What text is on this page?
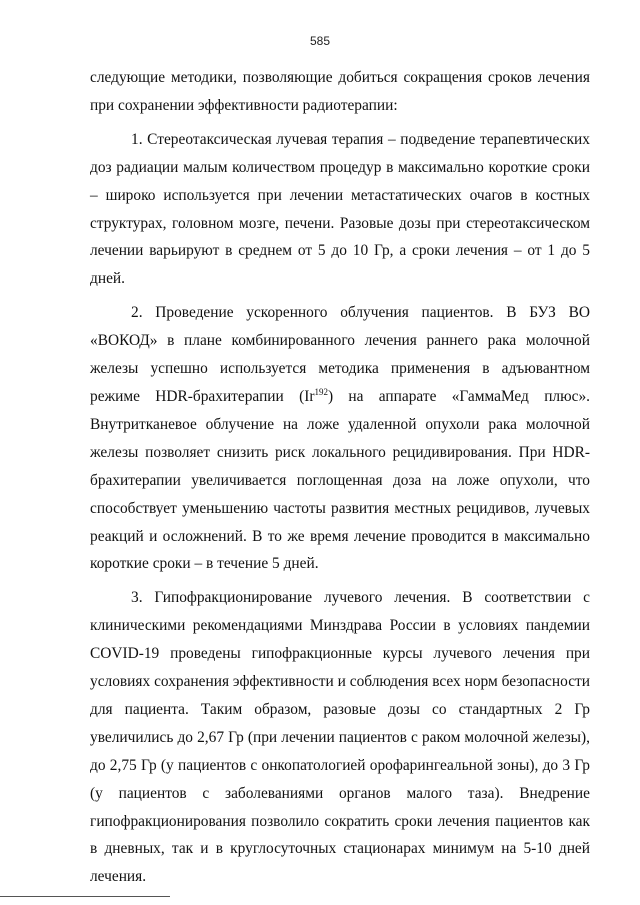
585

следующие методики, позволяющие добиться сокращения сроков лечения при сохранении эффективности радиотерапии:

1. Стереотаксическая лучевая терапия – подведение терапевтических доз радиации малым количеством процедур в максимально короткие сроки – широко используется при лечении метастатических очагов в костных структурах, головном мозге, печени. Разовые дозы при стереотаксическом лечении варьируют в среднем от 5 до 10 Гр, а сроки лечения – от 1 до 5 дней.

2. Проведение ускоренного облучения пациентов. В БУЗ ВО «ВОКОД» в плане комбинированного лечения раннего рака молочной железы успешно используется методика применения в адъювантном режиме HDR-брахитерапии (Ir$^{192}$) на аппарате «ГаммаМед плюс». Внутритканевое облучение на ложе удаленной опухоли рака молочной железы позволяет снизить риск локального рецидивирования. При HDR-брахитерапии увеличивается поглощенная доза на ложе опухоли, что способствует уменьшению частоты развития местных рецидивов, лучевых реакций и осложнений. В то же время лечение проводится в максимально короткие сроки – в течение 5 дней.

3. Гипофракционирование лучевого лечения. В соответствии с клиническими рекомендациями Минздрава России в условиях пандемии COVID-19 проведены гипофракционные курсы лучевого лечения при условиях сохранения эффективности и соблюдения всех норм безопасности для пациента. Таким образом, разовые дозы со стандартных 2 Гр увеличились до 2,67 Гр (при лечении пациентов с раком молочной железы), до 2,75 Гр (у пациентов с онкопатологией орофарингеальной зоны), до 3 Гр (у пациентов с заболеваниями органов малого таза). Внедрение гипофракционирования позволило сократить сроки лечения пациентов как в дневных, так и в круглосуточных стационарах минимум на 5-10 дней лечения.
